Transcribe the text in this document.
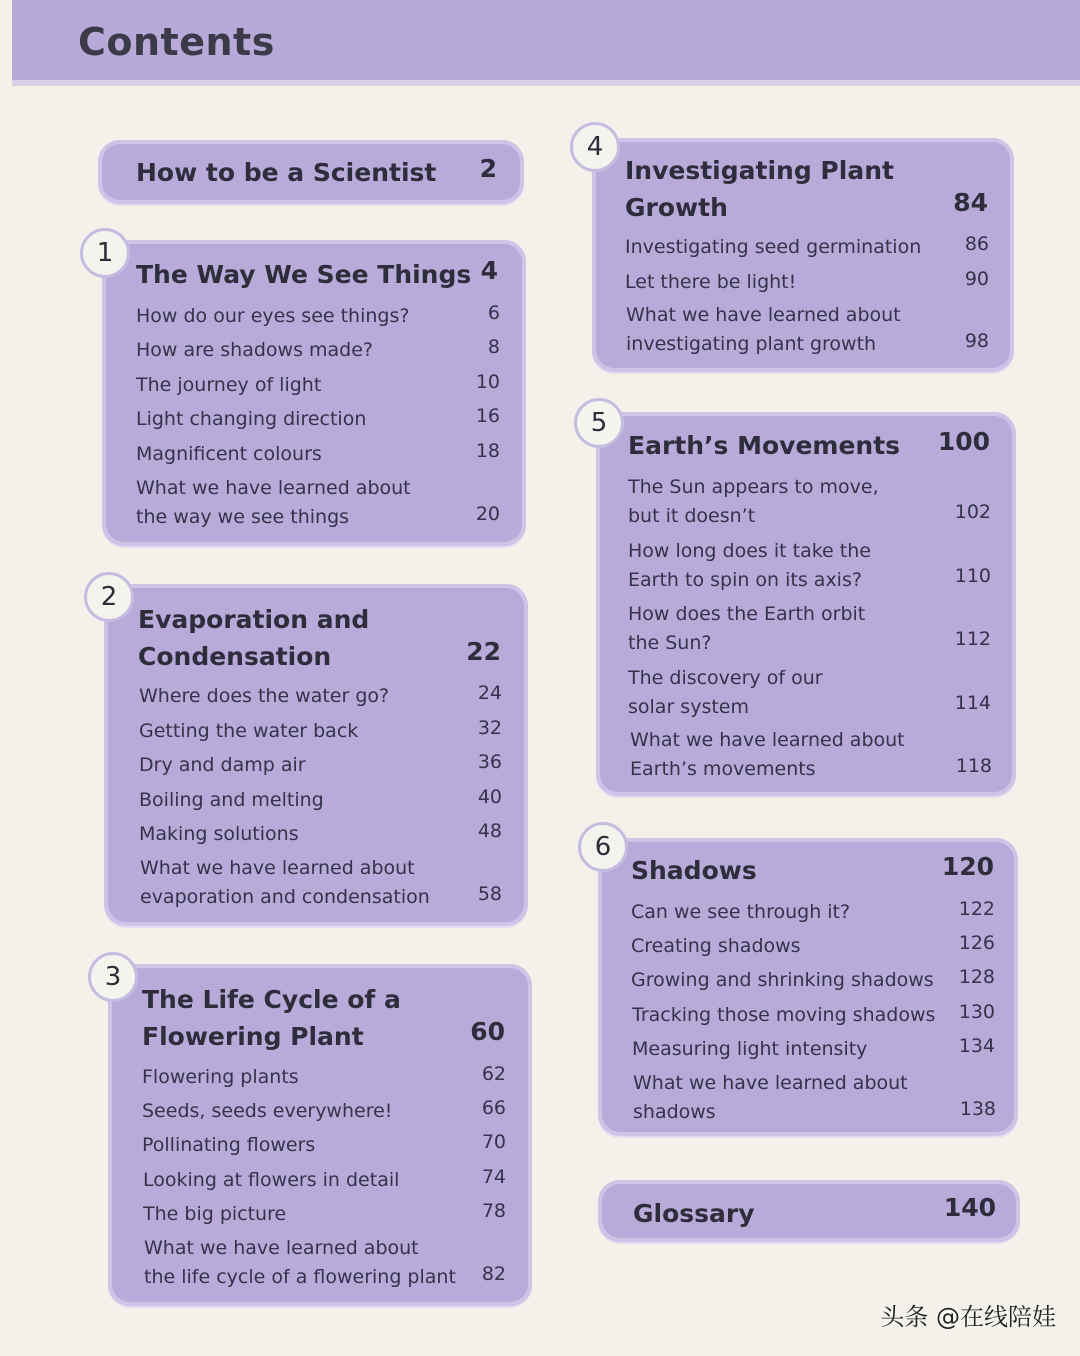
Contents
How to be a Scientist	2
1
The Way We See Things 4
How do our eyes see things?	6
How are shadows made?	8
The journey of light	10
Light changing direction	16
Magnificent colours	18
What we have learned about
the way we see things	20
2
Evaporation and
Condensation	22
Where does the water go?	24
Getting the water back	32
Dry and damp air	36
Boiling and melting	40
Making solutions	48
What we have learned about
evaporation and condensation	58
3
The Life Cycle of a
Flowering Plant	60
Flowering plants	62
Seeds, seeds everywhere!	66
Pollinating flowers	70
Looking at flowers in detail	74
The big picture	78
What we have learned about
the life cycle of a flowering plant	82
4
Investigating Plant
Growth	84
Investigating seed germination	86
Let there be light!	90
What we have learned about
investigating plant growth	98
5
Earth’s Movements	100
The Sun appears to move,
but it doesn’t	102
How long does it take the
Earth to spin on its axis?	110
How does the Earth orbit
the Sun?	112
The discovery of our
solar system	114
What we have learned about
Earth’s movements	118
6
Shadows	120
Can we see through it?	122
Creating shadows	126
Growing and shrinking shadows	128
Tracking those moving shadows	130
Measuring light intensity	134
What we have learned about
shadows	138
Glossary	140
头条 @在线陪娃
